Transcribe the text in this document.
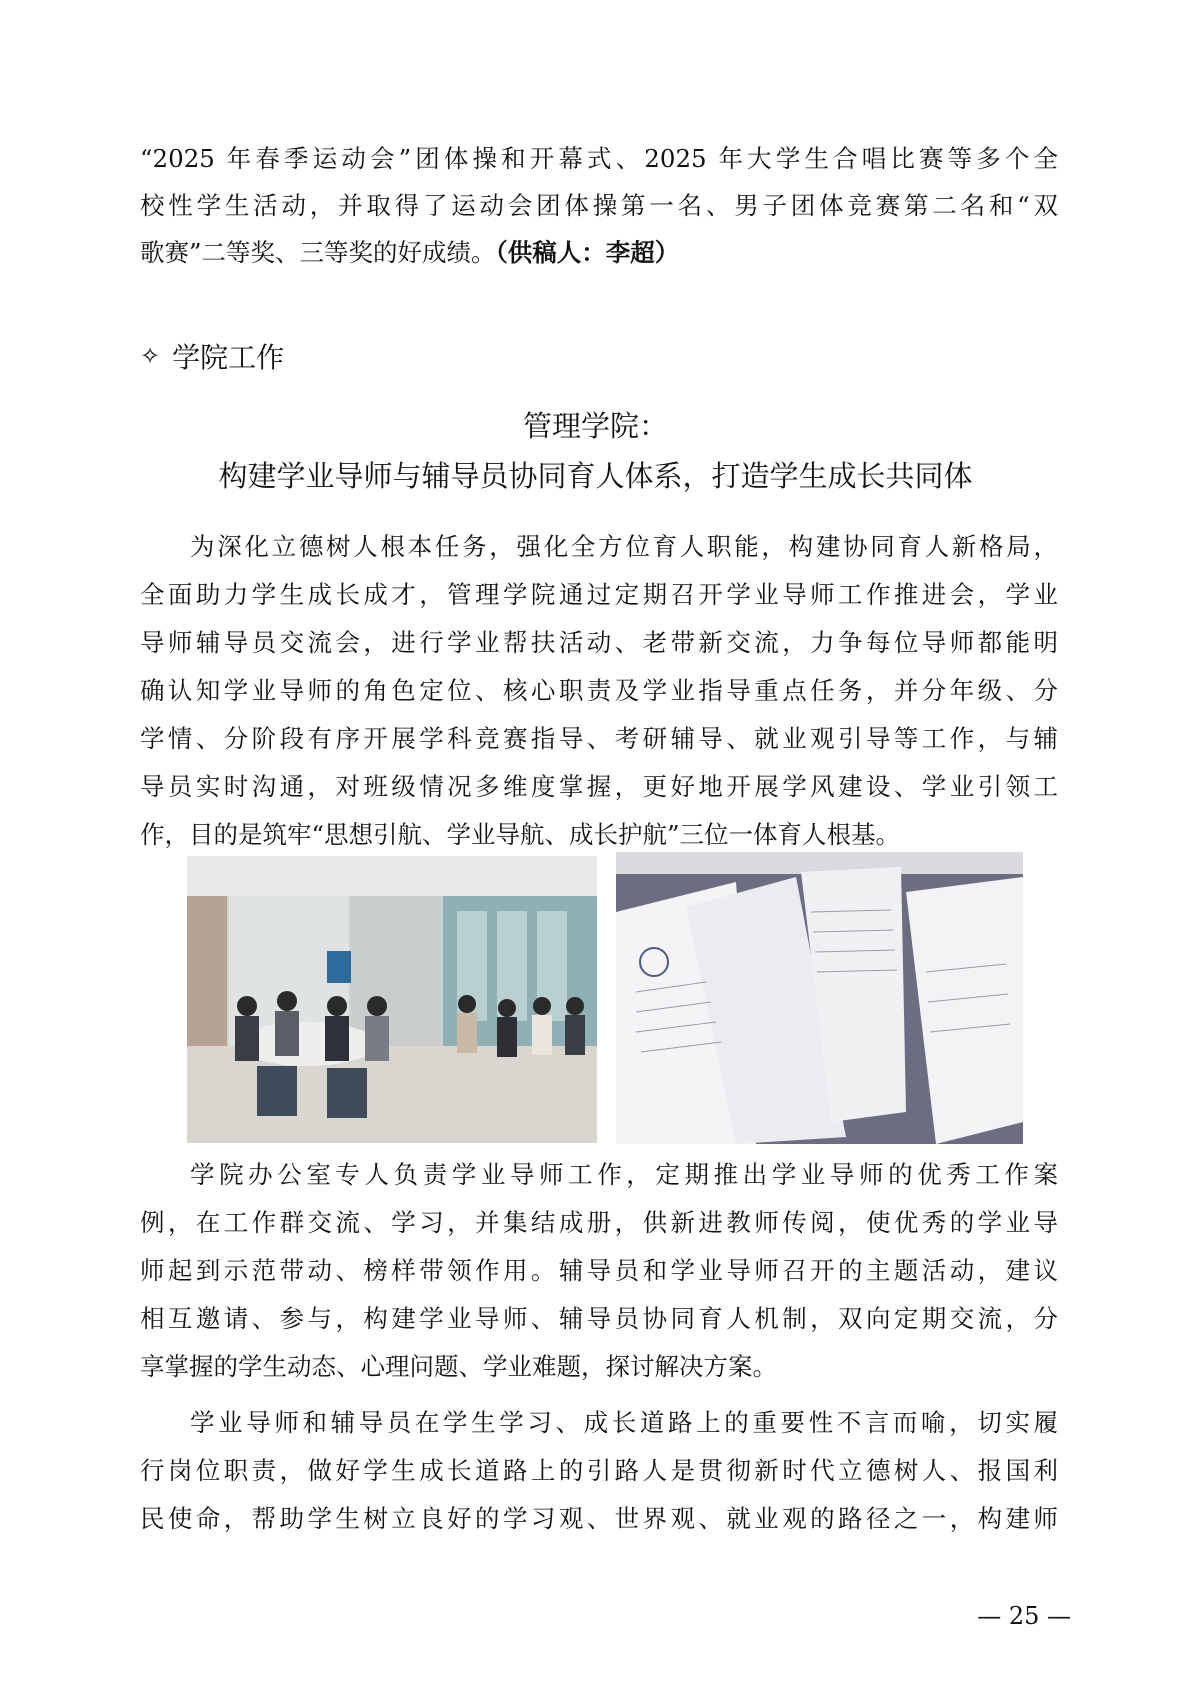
“2025 年春季运动会”团体操和开幕式、2025 年大学生合唱比赛等多个全
校性学生活动，并取得了运动会团体操第一名、男子团体竞赛第二名和“双
歌赛”二等奖、三等奖的好成绩。（供稿人：李超）
✧ 学院工作
管理学院：
构建学业导师与辅导员协同育人体系，打造学生成长共同体
为深化立德树人根本任务，强化全方位育人职能，构建协同育人新格局，
全面助力学生成长成才，管理学院通过定期召开学业导师工作推进会，学业
导师辅导员交流会，进行学业帮扶活动、老带新交流，力争每位导师都能明
确认知学业导师的角色定位、核心职责及学业指导重点任务，并分年级、分
学情、分阶段有序开展学科竞赛指导、考研辅导、就业观引导等工作，与辅
导员实时沟通，对班级情况多维度掌握，更好地开展学风建设、学业引领工
作，目的是筑牢“思想引航、学业导航、成长护航”三位一体育人根基。
学院办公室专人负责学业导师工作，定期推出学业导师的优秀工作案
例，在工作群交流、学习，并集结成册，供新进教师传阅，使优秀的学业导
师起到示范带动、榜样带领作用。辅导员和学业导师召开的主题活动，建议
相互邀请、参与，构建学业导师、辅导员协同育人机制，双向定期交流，分
享掌握的学生动态、心理问题、学业难题，探讨解决方案。
学业导师和辅导员在学生学习、成长道路上的重要性不言而喻，切实履
行岗位职责，做好学生成长道路上的引路人是贯彻新时代立德树人、报国利
民使命，帮助学生树立良好的学习观、世界观、就业观的路径之一，构建师
— 25 —
